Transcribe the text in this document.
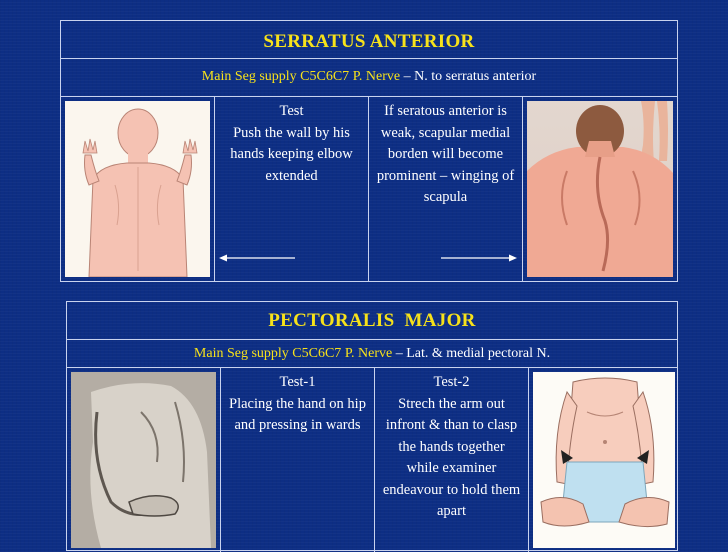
SERRATUS ANTERIOR
Main Seg supply C5C6C7 P. Nerve – N. to serratus anterior
Test
Push the wall by his hands keeping elbow extended
If seratous anterior is weak, scapular medial borden will become prominent – winging of scapula
PECTORALIS  MAJOR
Main Seg supply C5C6C7 P. Nerve – Lat. & medial pectoral N.
Test-1
Placing the hand on hip and pressing in wards
Test-2
Strech the arm out infront & than to clasp the hands together while examiner endeavour to hold them apart
